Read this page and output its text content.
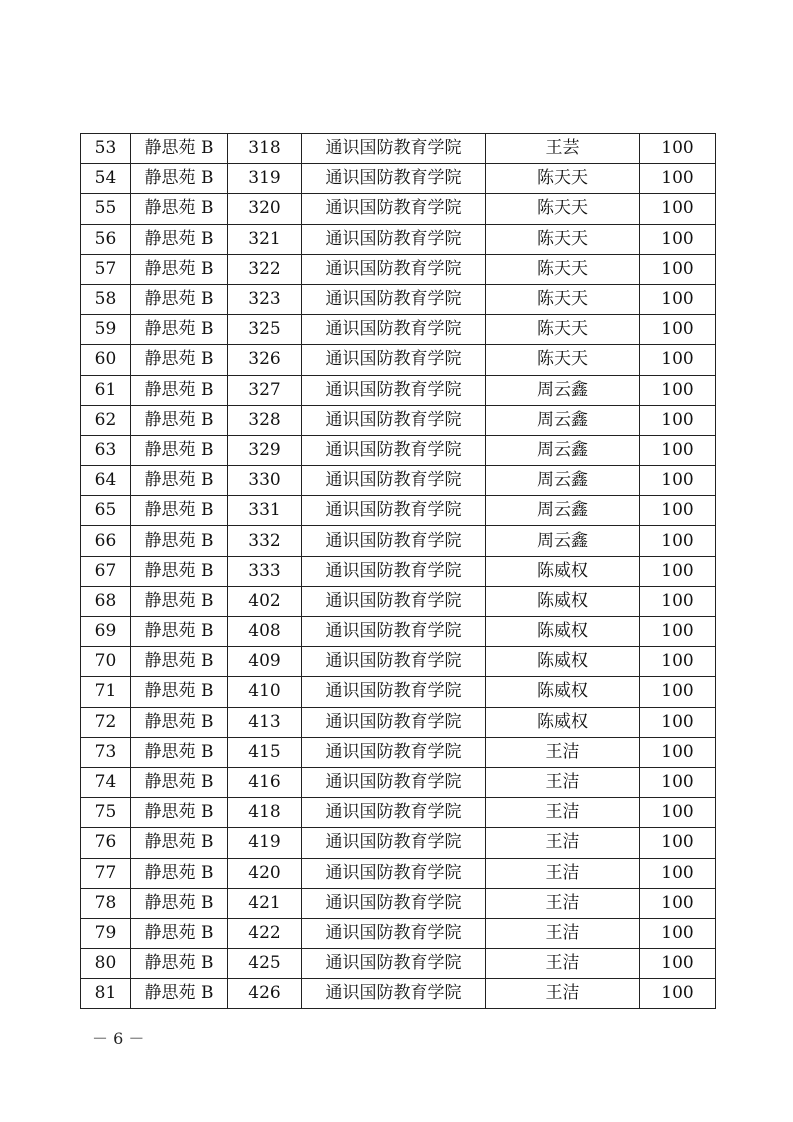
53	静思苑 B	318	通识国防教育学院	王芸	100
54	静思苑 B	319	通识国防教育学院	陈天天	100
55	静思苑 B	320	通识国防教育学院	陈天天	100
56	静思苑 B	321	通识国防教育学院	陈天天	100
57	静思苑 B	322	通识国防教育学院	陈天天	100
58	静思苑 B	323	通识国防教育学院	陈天天	100
59	静思苑 B	325	通识国防教育学院	陈天天	100
60	静思苑 B	326	通识国防教育学院	陈天天	100
61	静思苑 B	327	通识国防教育学院	周云鑫	100
62	静思苑 B	328	通识国防教育学院	周云鑫	100
63	静思苑 B	329	通识国防教育学院	周云鑫	100
64	静思苑 B	330	通识国防教育学院	周云鑫	100
65	静思苑 B	331	通识国防教育学院	周云鑫	100
66	静思苑 B	332	通识国防教育学院	周云鑫	100
67	静思苑 B	333	通识国防教育学院	陈威权	100
68	静思苑 B	402	通识国防教育学院	陈威权	100
69	静思苑 B	408	通识国防教育学院	陈威权	100
70	静思苑 B	409	通识国防教育学院	陈威权	100
71	静思苑 B	410	通识国防教育学院	陈威权	100
72	静思苑 B	413	通识国防教育学院	陈威权	100
73	静思苑 B	415	通识国防教育学院	王洁	100
74	静思苑 B	416	通识国防教育学院	王洁	100
75	静思苑 B	418	通识国防教育学院	王洁	100
76	静思苑 B	419	通识国防教育学院	王洁	100
77	静思苑 B	420	通识国防教育学院	王洁	100
78	静思苑 B	421	通识国防教育学院	王洁	100
79	静思苑 B	422	通识国防教育学院	王洁	100
80	静思苑 B	425	通识国防教育学院	王洁	100
81	静思苑 B	426	通识国防教育学院	王洁	100
－ 6 －
